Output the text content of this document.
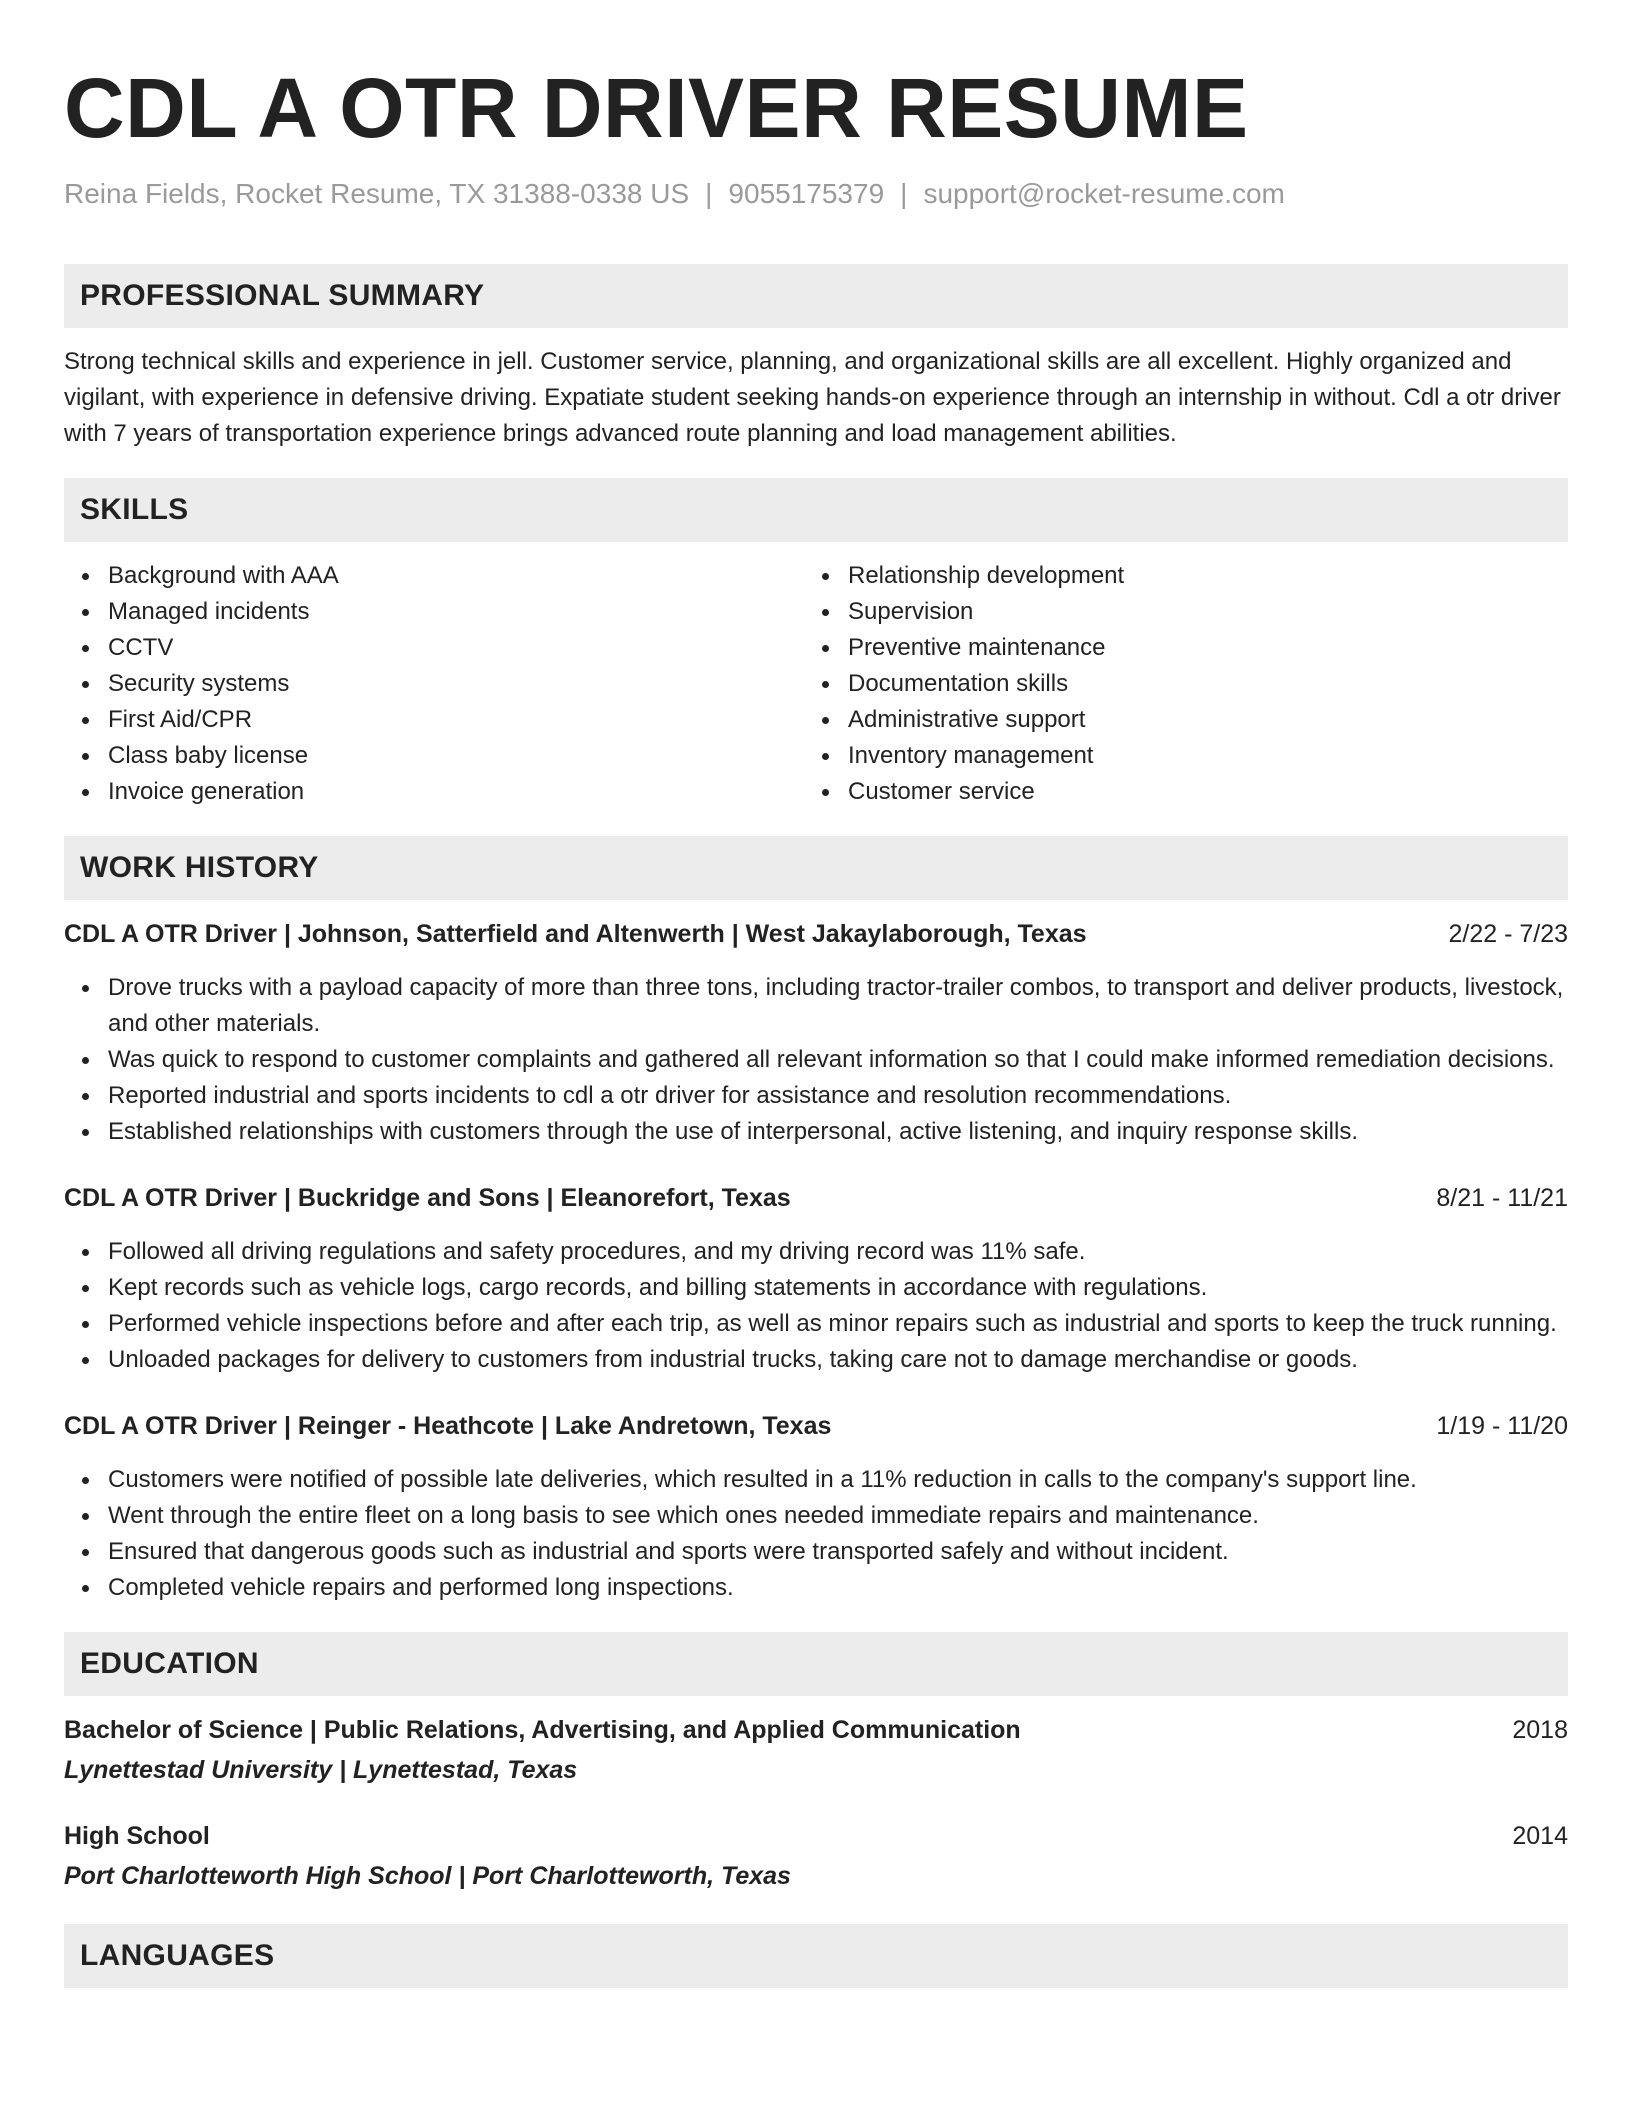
CDL A OTR DRIVER RESUME
Reina Fields, Rocket Resume, TX 31388-0338 US | 9055175379 | support@rocket-resume.com
PROFESSIONAL SUMMARY

Strong technical skills and experience in jell. Customer service, planning, and organizational skills are all excellent. Highly organized and vigilant, with experience in defensive driving. Expatiate student seeking hands-on experience through an internship in without. Cdl a otr driver with 7 years of transportation experience brings advanced route planning and load management abilities.

SKILLS
Background with AAA
Managed incidents
CCTV
Security systems
First Aid/CPR
Class baby license
Invoice generation
Relationship development
Supervision
Preventive maintenance
Documentation skills
Administrative support
Inventory management
Customer service
WORK HISTORY
CDL A OTR Driver | Johnson, Satterfield and Altenwerth | West Jakaylaborough, Texas	2/22 - 7/23
Drove trucks with a payload capacity of more than three tons, including tractor-trailer combos, to transport and deliver products, livestock, and other materials.
Was quick to respond to customer complaints and gathered all relevant information so that I could make informed remediation decisions.
Reported industrial and sports incidents to cdl a otr driver for assistance and resolution recommendations.
Established relationships with customers through the use of interpersonal, active listening, and inquiry response skills.
CDL A OTR Driver | Buckridge and Sons | Eleanorefort, Texas	8/21 - 11/21
Followed all driving regulations and safety procedures, and my driving record was 11% safe.
Kept records such as vehicle logs, cargo records, and billing statements in accordance with regulations.
Performed vehicle inspections before and after each trip, as well as minor repairs such as industrial and sports to keep the truck running.
Unloaded packages for delivery to customers from industrial trucks, taking care not to damage merchandise or goods.
CDL A OTR Driver | Reinger - Heathcote | Lake Andretown, Texas	1/19 - 11/20
Customers were notified of possible late deliveries, which resulted in a 11% reduction in calls to the company's support line.
Went through the entire fleet on a long basis to see which ones needed immediate repairs and maintenance.
Ensured that dangerous goods such as industrial and sports were transported safely and without incident.
Completed vehicle repairs and performed long inspections.
EDUCATION
Bachelor of Science | Public Relations, Advertising, and Applied Communication	2018
Lynettestad University | Lynettestad, Texas
High School	2014
Port Charlotteworth High School | Port Charlotteworth, Texas
LANGUAGES
